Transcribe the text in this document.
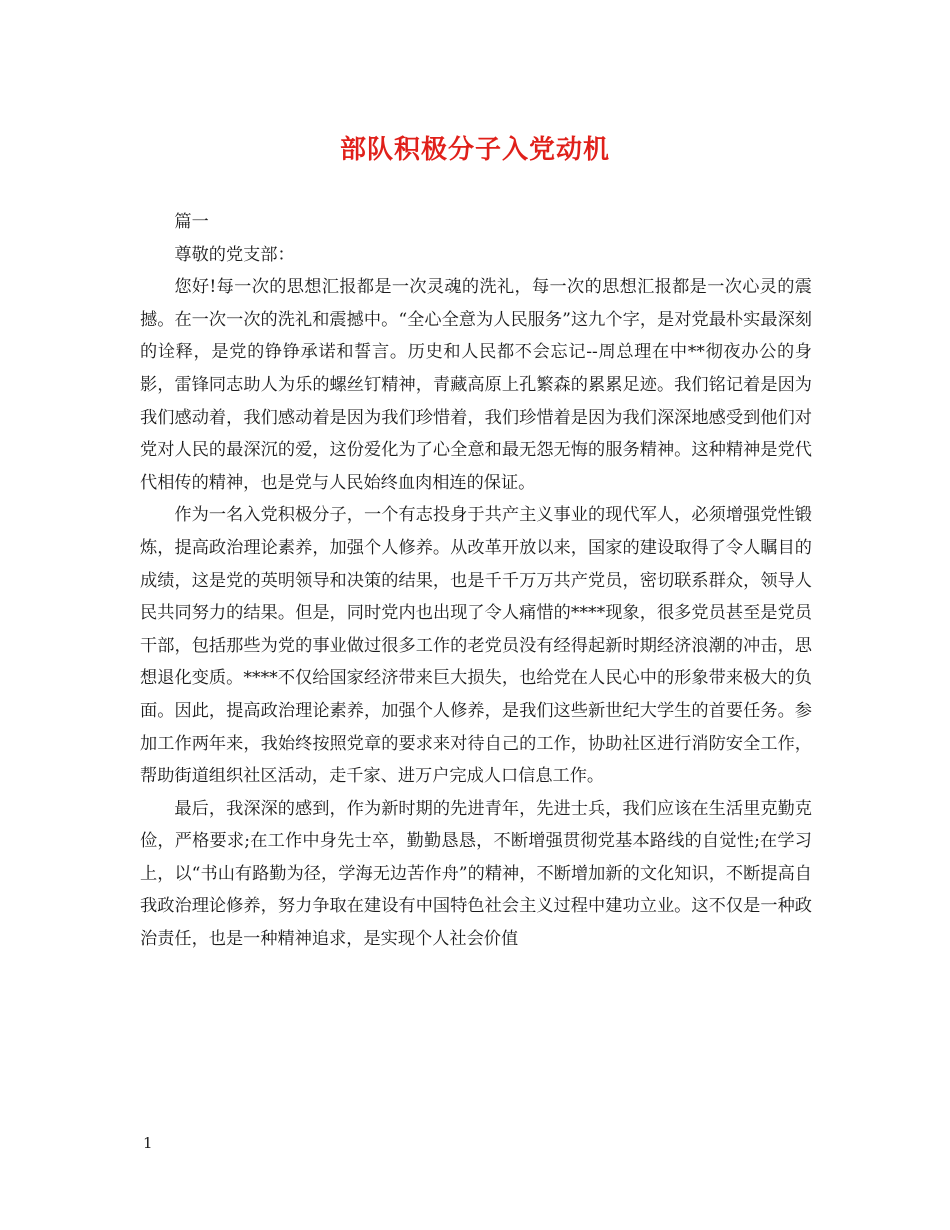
部队积极分子入党动机

篇一

尊敬的党支部：

您好!每一次的思想汇报都是一次灵魂的洗礼，每一次的思想汇报都是一次心灵的震撼。在一次一次的洗礼和震撼中。“全心全意为人民服务”这九个字，是对党最朴实最深刻的诠释，是党的铮铮承诺和誓言。历史和人民都不会忘记--周总理在中**彻夜办公的身影，雷锋同志助人为乐的螺丝钉精神，青藏高原上孔繁森的累累足迹。我们铭记着是因为我们感动着，我们感动着是因为我们珍惜着，我们珍惜着是因为我们深深地感受到他们对党对人民的最深沉的爱，这份爱化为了心全意和最无怨无悔的服务精神。这种精神是党代代相传的精神，也是党与人民始终血肉相连的保证。

作为一名入党积极分子，一个有志投身于共产主义事业的现代军人，必须增强党性锻炼，提高政治理论素养，加强个人修养。从改革开放以来，国家的建设取得了令人瞩目的成绩，这是党的英明领导和决策的结果，也是千千万万共产党员，密切联系群众，领导人民共同努力的结果。但是，同时党内也出现了令人痛惜的****现象，很多党员甚至是党员干部，包括那些为党的事业做过很多工作的老党员没有经得起新时期经济浪潮的冲击，思想退化变质。****不仅给国家经济带来巨大损失，也给党在人民心中的形象带来极大的负面。因此，提高政治理论素养，加强个人修养，是我们这些新世纪大学生的首要任务。参加工作两年来，我始终按照党章的要求来对待自己的工作，协助社区进行消防安全工作，帮助街道组织社区活动，走千家、进万户完成人口信息工作。

最后，我深深的感到，作为新时期的先进青年，先进士兵，我们应该在生活里克勤克俭，严格要求;在工作中身先士卒，勤勤恳恳，不断增强贯彻党基本路线的自觉性;在学习上，以“书山有路勤为径，学海无边苦作舟”的精神，不断增加新的文化知识，不断提高自我政治理论修养，努力争取在建设有中国特色社会主义过程中建功立业。这不仅是一种政治责任，也是一种精神追求，是实现个人社会价值

1
